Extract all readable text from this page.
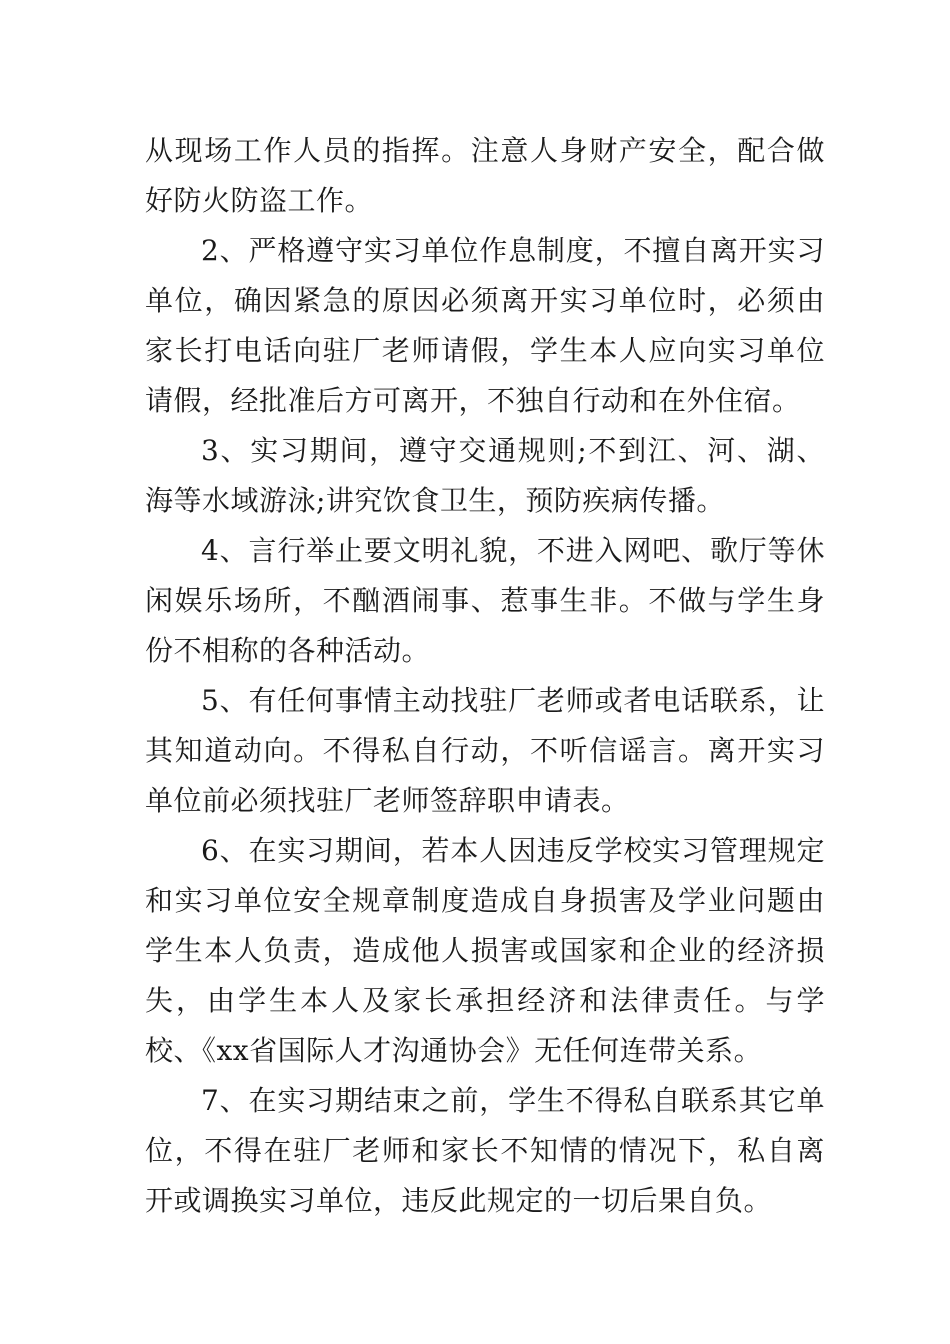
从现场工作人员的指挥。注意人身财产安全，配合做好防火防盗工作。

2、严格遵守实习单位作息制度，不擅自离开实习单位，确因紧急的原因必须离开实习单位时，必须由家长打电话向驻厂老师请假，学生本人应向实习单位请假，经批准后方可离开，不独自行动和在外住宿。

3、实习期间，遵守交通规则;不到江、河、湖、海等水域游泳;讲究饮食卫生，预防疾病传播。

4、言行举止要文明礼貌，不进入网吧、歌厅等休闲娱乐场所，不酗酒闹事、惹事生非。不做与学生身份不相称的各种活动。

5、有任何事情主动找驻厂老师或者电话联系，让其知道动向。不得私自行动，不听信谣言。离开实习单位前必须找驻厂老师签辞职申请表。

6、在实习期间，若本人因违反学校实习管理规定和实习单位安全规章制度造成自身损害及学业问题由学生本人负责，造成他人损害或国家和企业的经济损失，由学生本人及家长承担经济和法律责任。与学校、《xx省国际人才沟通协会》无任何连带关系。

7、在实习期结束之前，学生不得私自联系其它单位，不得在驻厂老师和家长不知情的情况下，私自离开或调换实习单位，违反此规定的一切后果自负。
